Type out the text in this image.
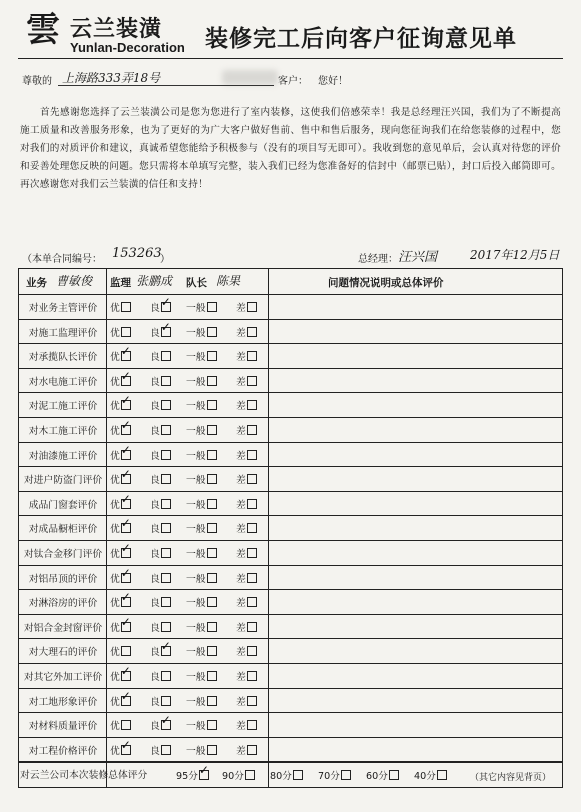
雲 云兰装潢
Yunlan-Decoration 装修完工后向客户征询意见单
尊敬的 上海路333弄18号	客户： 您好！
首先感谢您选择了云兰装潢公司是您为您进行了室内装修，这使我们倍感荣幸！我是总经理汪兴国，我们为了不断提高施工质量和改善服务形象，也为了更好的为广大客户做好售前、售中和售后服务，现向您征询我们在给您装修的过程中，您对我们的对质评价和建议，真诚希望您能给予积极参与（没有的项目写无即可）。我收到您的意见单后，会认真对待您的评价和妥善处理您反映的问题。您只需将本单填写完整，装入我们已经为您准备好的信封中（邮票已贴），封口后投入邮筒即可。再次感谢您对我们云兰装潢的信任和支持！
（本单合同编号： 153263
）	总经理： 汪兴国	2017年12月5日
业务 曹敏俊 监理 张鹏成 队长 陈果	问题情况说明或总体评价
对业务主管评价	优	良 ✓ 一般	差
对施工监理评价	优	良 ✓ 一般	差
对承揽队长评价	优 ✓ 良	一般	差
对水电施工评价	优 ✓ 良	一般	差
对泥工施工评价	优 ✓ 良	一般	差
对木工施工评价	优 ✓ 良	一般	差
对油漆施工评价	优 ✓ 良	一般	差
对进户防盗门评价 优 ✓ 良	一般	差
成品门窗套评价	优 ✓ 良	一般	差
对成品橱柜评价	优 ✓ 良	一般	差
对钛合金移门评价 优 ✓ 良	一般	差
对铝吊顶的评价	优 ✓ 良	一般	差
对淋浴房的评价	优 ✓ 良	一般	差
对铝合金封窗评价 优 ✓ 良	一般	差
对大理石的评价	优	良 ✓ 一般	差
对其它外加工评价 优 ✓ 良	一般	差
对工地形象评价	优 ✓ 良	一般	差
对材料质量评价	优	良 ✓ 一般	差
对工程价格评价	优 ✓ 良	一般	差
对云兰公司本次装修总体评分	95分 ✓ 90分	80分	70分	60分	40分	（其它内容见背页）
